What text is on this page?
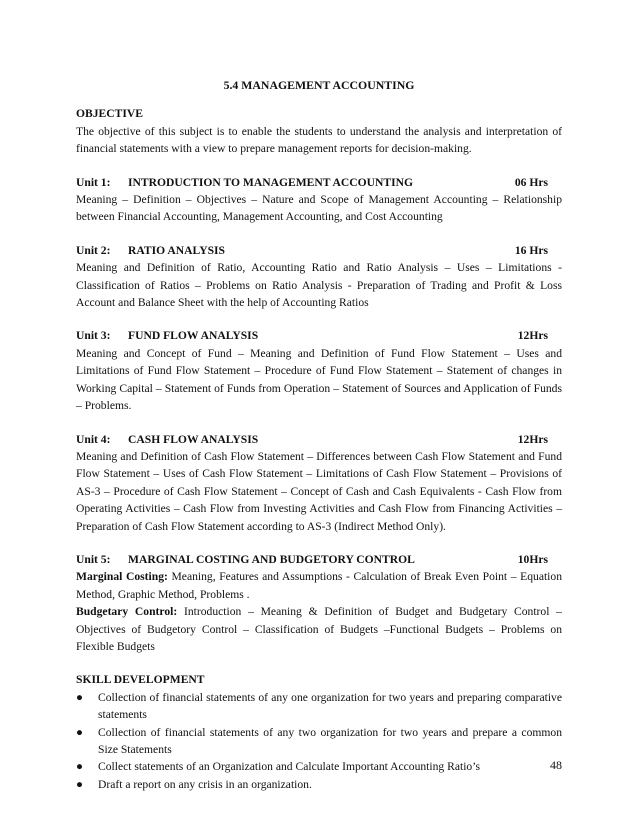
5.4 MANAGEMENT ACCOUNTING

OBJECTIVE

The objective of this subject is to enable the students to understand the analysis and interpretation of financial statements with a view to prepare management reports for decision-making.

Unit 1:	INTRODUCTION TO MANAGEMENT ACCOUNTING	06 Hrs

Meaning – Definition – Objectives – Nature and Scope of Management Accounting – Relationship between Financial Accounting, Management Accounting, and Cost Accounting

Unit 2:	RATIO ANALYSIS	16 Hrs

Meaning and Definition of Ratio, Accounting Ratio and Ratio Analysis – Uses – Limitations - Classification of Ratios – Problems on Ratio Analysis - Preparation of Trading and Profit & Loss Account and Balance Sheet with the help of Accounting Ratios

Unit 3:	FUND FLOW ANALYSIS	12Hrs

Meaning and Concept of Fund – Meaning and Definition of Fund Flow Statement – Uses and Limitations of Fund Flow Statement – Procedure of Fund Flow Statement – Statement of changes in Working Capital – Statement of Funds from Operation – Statement of Sources and Application of Funds – Problems.

Unit 4:	CASH FLOW ANALYSIS	12Hrs

Meaning and Definition of Cash Flow Statement – Differences between Cash Flow Statement and Fund Flow Statement – Uses of Cash Flow Statement – Limitations of Cash Flow Statement – Provisions of AS-3 – Procedure of Cash Flow Statement – Concept of Cash and Cash Equivalents - Cash Flow from Operating Activities – Cash Flow from Investing Activities and Cash Flow from Financing Activities – Preparation of Cash Flow Statement according to AS-3 (Indirect Method Only).

Unit 5:	MARGINAL COSTING AND BUDGETORY CONTROL	10Hrs

Marginal Costing: Meaning, Features and Assumptions - Calculation of Break Even Point – Equation Method, Graphic Method, Problems .

Budgetary Control: Introduction – Meaning & Definition of Budget and Budgetary Control – Objectives of Budgetory Control – Classification of Budgets –Functional Budgets – Problems on Flexible Budgets

SKILL DEVELOPMENT

● Collection of financial statements of any one organization for two years and preparing comparative statements
● Collection of financial statements of any two organization for two years and prepare a common Size Statements
● Collect statements of an Organization and Calculate Important Accounting Ratio’s
● Draft a report on any crisis in an organization.
48
